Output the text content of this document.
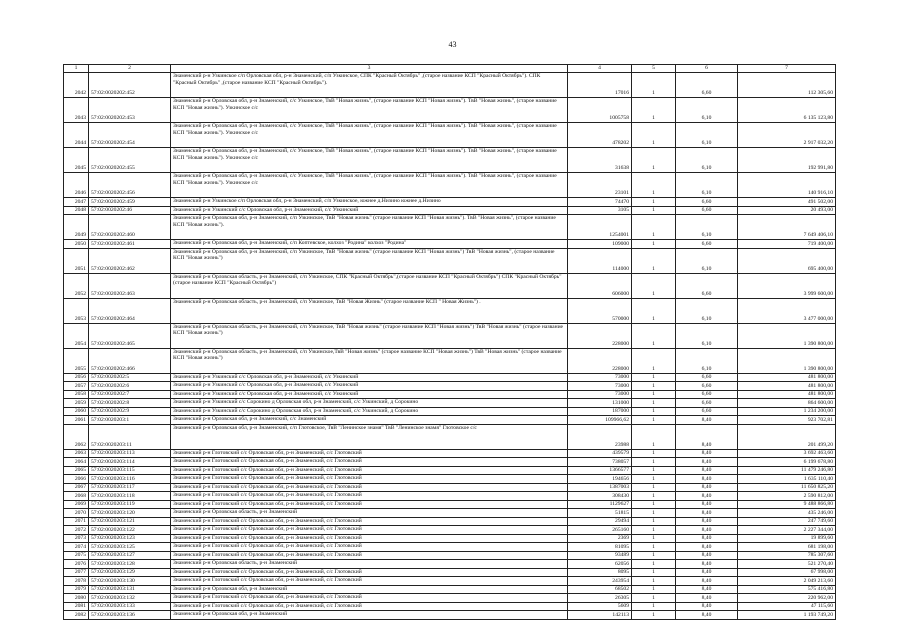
43
1	2	3	4	5	6	7
2042	57:02:0020202:452	Знаменский р-н Узкинское с/п Орловская обл, р-н Знаменский, с/п Узкинское, СПК "Красный Октябрь" ,(старое название КСП "Красный Октябрь"). СПК "Красный Октябрь" ,(старое название КСП "Красный Октябрь").	17016	1	6,60	112 305,60
2043	57:02:0020202:453	Знаменский р-н Орловская обл, р-н Знаменский, с/с Узкинское, ТвВ "Новая жизнь", (старое название КСП "Новая жизнь"). ТвВ "Новая жизнь", (старое название КСП "Новая жизнь"). Узкинское с/с	1005758	1	6,10	6 135 123,80
2044	57:02:0020202:454	Знаменский р-н Орловская обл, р-н Знаменский, с/с Узкинское, ТвВ "Новая жизнь", (старое название КСП "Новая жизнь"). ТвВ "Новая жизнь", (старое название КСП "Новая жизнь"). Узкинское с/с	478202	1	6,10	2 917 032,20
2045	57:02:0020202:455	Знаменский р-н Орловская обл, р-н Знаменский, с/с Узкинское, ТвВ "Новая жизнь", (старое название КСП "Новая жизнь"). ТвВ "Новая жизнь", (старое название КСП "Новая жизнь"). Узкинское с/с	31638	1	6,10	192 991,80
2046	57:02:0020202:456	Знаменский р-н Орловская обл, р-н Знаменский, с/с Узкинское, ТвВ "Новая жизнь", (старое название КСП "Новая жизнь"). ТвВ "Новая жизнь", (старое название КСП "Новая жизнь"). Узкинское с/с	23101	1	6,10	140 916,10
2047	57:02:0020202:459	Знаменский р-н Узкинское с/п Орловская обл, р-н Знаменский, с/п Узкинское, южнее д.Низино южнее д.Низино	74470	1	6,60	491 502,00
2048	57:02:0020202:46	Знаменский р-н Узкинский с/с Орловская обл, р-н Знаменский, с/с Узкинский	3105	1	6,60	20 493,00
2049	57:02:0020202:460	Знаменский р-н Орловская обл, р-н Знаменский, с/п Узкинское, ТвВ "Новая жизнь" (старое название КСП "Новая жизнь"). ТвВ "Новая жизнь", (старое название КСП "Новая жизнь").	1254001	1	6,10	7 649 406,10
2050	57:02:0020202:461	Знаменский р-н Орловская обл, р-н Знаменский, с/п Коптевское, колхоз "Родина" колхоз "Родина"	109000	1	6,60	719 400,00
2051	57:02:0020202:462	Знаменский р-н Орловская обл, р-н Знаменский, с/п Узкинское, ТвВ "Новая жизнь" (старое название КСП "Новая жизнь") ТвВ "Новая жизнь", (старое название КСП "Новая жизнь")	114000	1	6,10	695 400,00
2052	57:02:0020202:463	Знаменский р-н Орловская область, р-н Знаменский, с/п Узкинское, СПК "Красный Октябрь",(старое название КСП "Красный Октябрь") СПК "Красный Октябрь" (старое название КСП "Красный Октябрь")	606000	1	6,60	3 999 600,00
2053	57:02:0020202:464	Знаменский р-н Орловская область, р-н Знаменский, с/п Узкинское, ТвВ "Новая Жизнь" (старое название КСП " Новая Жизнь") .	570000	1	6,10	3 477 000,00
2054	57:02:0020202:465	Знаменский р-н Орловская область, р-н Знаменский, с/п Узкинское, ТвВ "Новая жизнь" (старое название КСП "Новая жизнь") ТвВ "Новая жизнь" (старое название КСП "Новая жизнь")	228000	1	6,10	1 390 800,00
2055	57:02:0020202:466	Знаменский р-н Орловская область, р-н Знаменский, с/п Узкинское,ТвВ "Новая жизнь" (старое название КСП "Новая жизнь") ТвВ "Новая жизнь" (старое название КСП "Новая жизнь")	228000	1	6,10	1 390 800,00
2056	57:02:0020202:5	Знаменский р-н Узкинский с/с Орловская обл, р-н Знаменский, с/с Узкинский	73000	1	6,60	481 800,00
2057	57:02:0020202:6	Знаменский р-н Узкинский с/с Орловская обл, р-н Знаменский, с/с Узкинский	73000	1	6,60	481 800,00
2058	57:02:0020202:7	Знаменский р-н Узкинский с/с Орловская обл, р-н Знаменский, с/с Узкинский	73000	1	6,60	481 800,00
2059	57:02:0020202:8	Знаменский р-н Узкинский с/с Сорокино д Орловская обл, р-н Знаменский, с/с Узкинский, д Сорокино	131000	1	6,60	864 600,00
2060	57:02:0020202:9	Знаменский р-н Узкинский с/с Сорокино д Орловская обл, р-н Знаменский, с/с Узкинский, д Сорокино	187000	1	6,60	1 234 200,00
2061	57:02:0020203:1	Знаменский р-н Орловская обл, р-н Знаменский, с/с Знаменский	109966,62	1	8,40	923 702,81
2062	57:02:0020203:11	Знаменский р-н Орловская обл, р-н Знаменский, с/п Глотовское, ТвВ "Ленинское знамя" ТвВ "Ленинское знамя" Глотовское с/с	23988	1	8,40	201 499,20
2063	57:02:0020203:113	Знаменский р-н Глотовский с/с Орловская обл, р-н Знаменский, с/с Глотовский	439579	1	8,40	3 692 463,60
2064	57:02:0020203:114	Знаменский р-н Глотовский с/с Орловская обл, р-н Знаменский, с/с Глотовский	738057	1	8,40	6 199 678,80
2065	57:02:0020203:115	Знаменский р-н Глотовский с/с Орловская обл, р-н Знаменский, с/с Глотовский	1366577	1	8,40	11 479 246,80
2066	57:02:0020203:116	Знаменский р-н Глотовский с/с Орловская обл, р-н Знаменский, с/с Глотовский	194656	1	8,40	1 635 110,40
2067	57:02:0020203:117	Знаменский р-н Глотовский с/с Орловская обл, р-н Знаменский, с/с Глотовский	1387003	1	8,40	11 650 825,20
2068	57:02:0020203:118	Знаменский р-н Глотовский с/с Орловская обл, р-н Знаменский, с/с Глотовский	308430	1	8,40	2 590 812,00
2069	57:02:0020203:119	Знаменский р-н Глотовский с/с Орловская обл, р-н Знаменский, с/с Глотовский	1129627	1	8,40	9 488 866,80
2070	57:02:0020203:120	Знаменский р-н Орловская область, р-н Знаменский	51815	1	8,40	435 246,00
2071	57:02:0020203:121	Знаменский р-н Глотовский с/с Орловская обл, р-н Знаменский, с/с Глотовский	29494	1	8,40	247 749,60
2072	57:02:0020203:122	Знаменский р-н Глотовский с/с Орловская обл, р-н Знаменский, с/с Глотовский	265160	1	8,40	2 227 344,00
2073	57:02:0020203:123	Знаменский р-н Глотовский с/с Орловская обл, р-н Знаменский, с/с Глотовский	2369	1	8,40	19 899,60
2074	57:02:0020203:125	Знаменский р-н Глотовский с/с Орловская обл, р-н Знаменский, с/с Глотовский	81095	1	8,40	681 198,00
2075	57:02:0020203:127	Знаменский р-н Глотовский с/с Орловская обл, р-н Знаменский, с/с Глотовский	93489	1	8,40	785 307,60
2076	57:02:0020203:128	Знаменский р-н Орловская область, р-н Знаменский	62056	1	8,40	521 270,40
2077	57:02:0020203:129	Знаменский р-н Глотовский с/с Орловская обл, р-н Знаменский, с/с Глотовский	8095	1	8,40	67 998,00
2078	57:02:0020203:130	Знаменский р-н Глотовский с/с Орловская обл, р-н Знаменский, с/с Глотовский	243954	1	8,40	2 049 213,60
2079	57:02:0020203:131	Знаменский р-н Орловская обл, р-н Знаменский	68502	1	8,40	575 416,80
2080	57:02:0020203:132	Знаменский р-н Глотовский с/с Орловская обл, р-н Знаменский, с/с Глотовский	26305	1	8,40	220 962,00
2081	57:02:0020203:133	Знаменский р-н Глотовский с/с Орловская обл, р-н Знаменский, с/с Глотовский	5609	1	8,40	47 115,60
2082	57:02:0020203:136	Знаменский р-н Орловская обл, р-н Знаменский	142113	1	8,40	1 193 749,20
